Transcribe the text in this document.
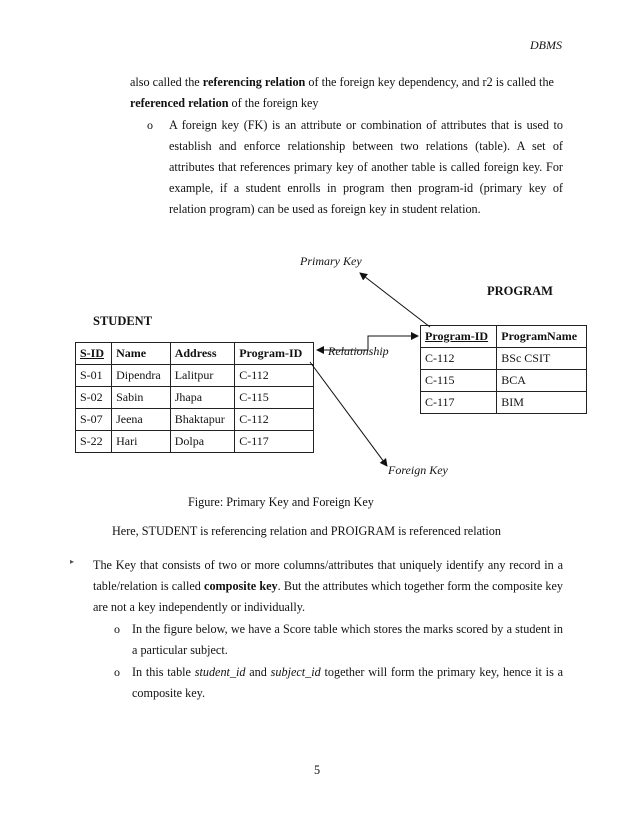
DBMS
also called the referencing relation of the foreign key dependency, and r2 is called the
referenced relation of the foreign key
o A foreign key (FK) is an attribute or combination of attributes that is used to establish and enforce relationship between two relations (table). A set of attributes that references primary key of another table is called foreign key. For example, if a student enrolls in program then program-id (primary key of relation program) can be used as foreign key in student relation.
Primary Key
PROGRAM
STUDENT
Relationship
Foreign Key
S-ID	Name	Address	Program-ID
S-01	Dipendra	Lalitpur	C-112
S-02	Sabin	Jhapa	C-115
S-07	Jeena	Bhaktapur	C-112
S-22	Hari	Dolpa	C-117
Program-ID	ProgramName
C-112	BSc CSIT
C-115	BCA
C-117	BIM
Figure: Primary Key and Foreign Key
Here, STUDENT is referencing relation and PROIGRAM is referenced relation
▸ The Key that consists of two or more columns/attributes that uniquely identify any record in a table/relation is called composite key. But the attributes which together form the composite key are not a key independently or individually.
o In the figure below, we have a Score table which stores the marks scored by a student in a particular subject.
o In this table student_id and subject_id together will form the primary key, hence it is a composite key.
5
